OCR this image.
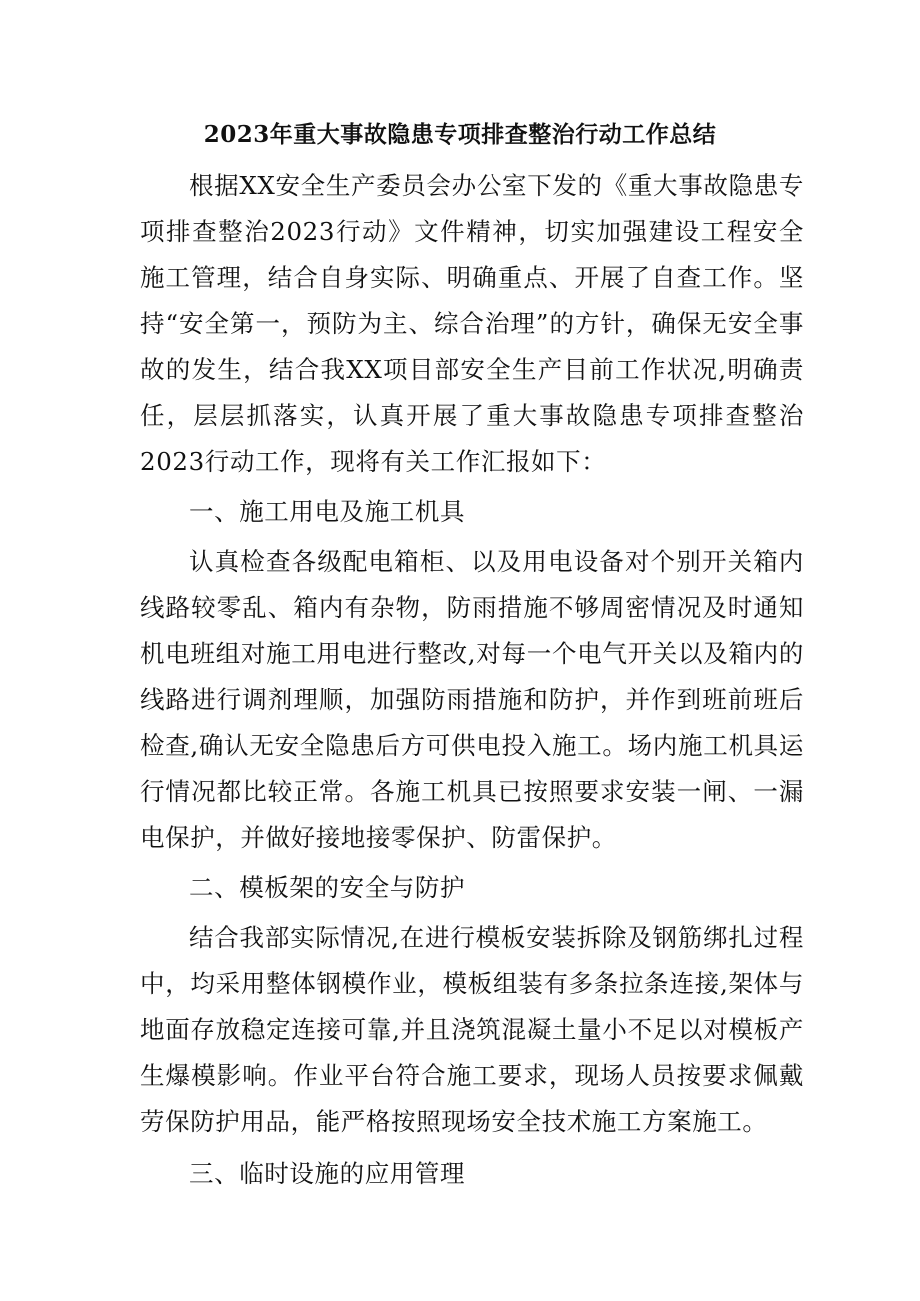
2023年重大事故隐患专项排查整治行动工作总结

根据XX安全生产委员会办公室下发的《重大事故隐患专项排查整治2023行动》文件精神，切实加强建设工程安全施工管理，结合自身实际、明确重点、开展了自查工作。坚持“安全第一，预防为主、综合治理”的方针，确保无安全事故的发生，结合我XX项目部安全生产目前工作状况,明确责任，层层抓落实，认真开展了重大事故隐患专项排查整治2023行动工作，现将有关工作汇报如下：

一、施工用电及施工机具

认真检查各级配电箱柜、以及用电设备对个别开关箱内线路较零乱、箱内有杂物，防雨措施不够周密情况及时通知机电班组对施工用电进行整改,对每一个电气开关以及箱内的线路进行调剂理顺，加强防雨措施和防护，并作到班前班后检查,确认无安全隐患后方可供电投入施工。场内施工机具运行情况都比较正常。各施工机具已按照要求安装一闸、一漏电保护，并做好接地接零保护、防雷保护。

二、模板架的安全与防护

结合我部实际情况,在进行模板安装拆除及钢筋绑扎过程中，均采用整体钢模作业，模板组装有多条拉条连接,架体与地面存放稳定连接可靠,并且浇筑混凝土量小不足以对模板产生爆模影响。作业平台符合施工要求，现场人员按要求佩戴劳保防护用品，能严格按照现场安全技术施工方案施工。

三、临时设施的应用管理
